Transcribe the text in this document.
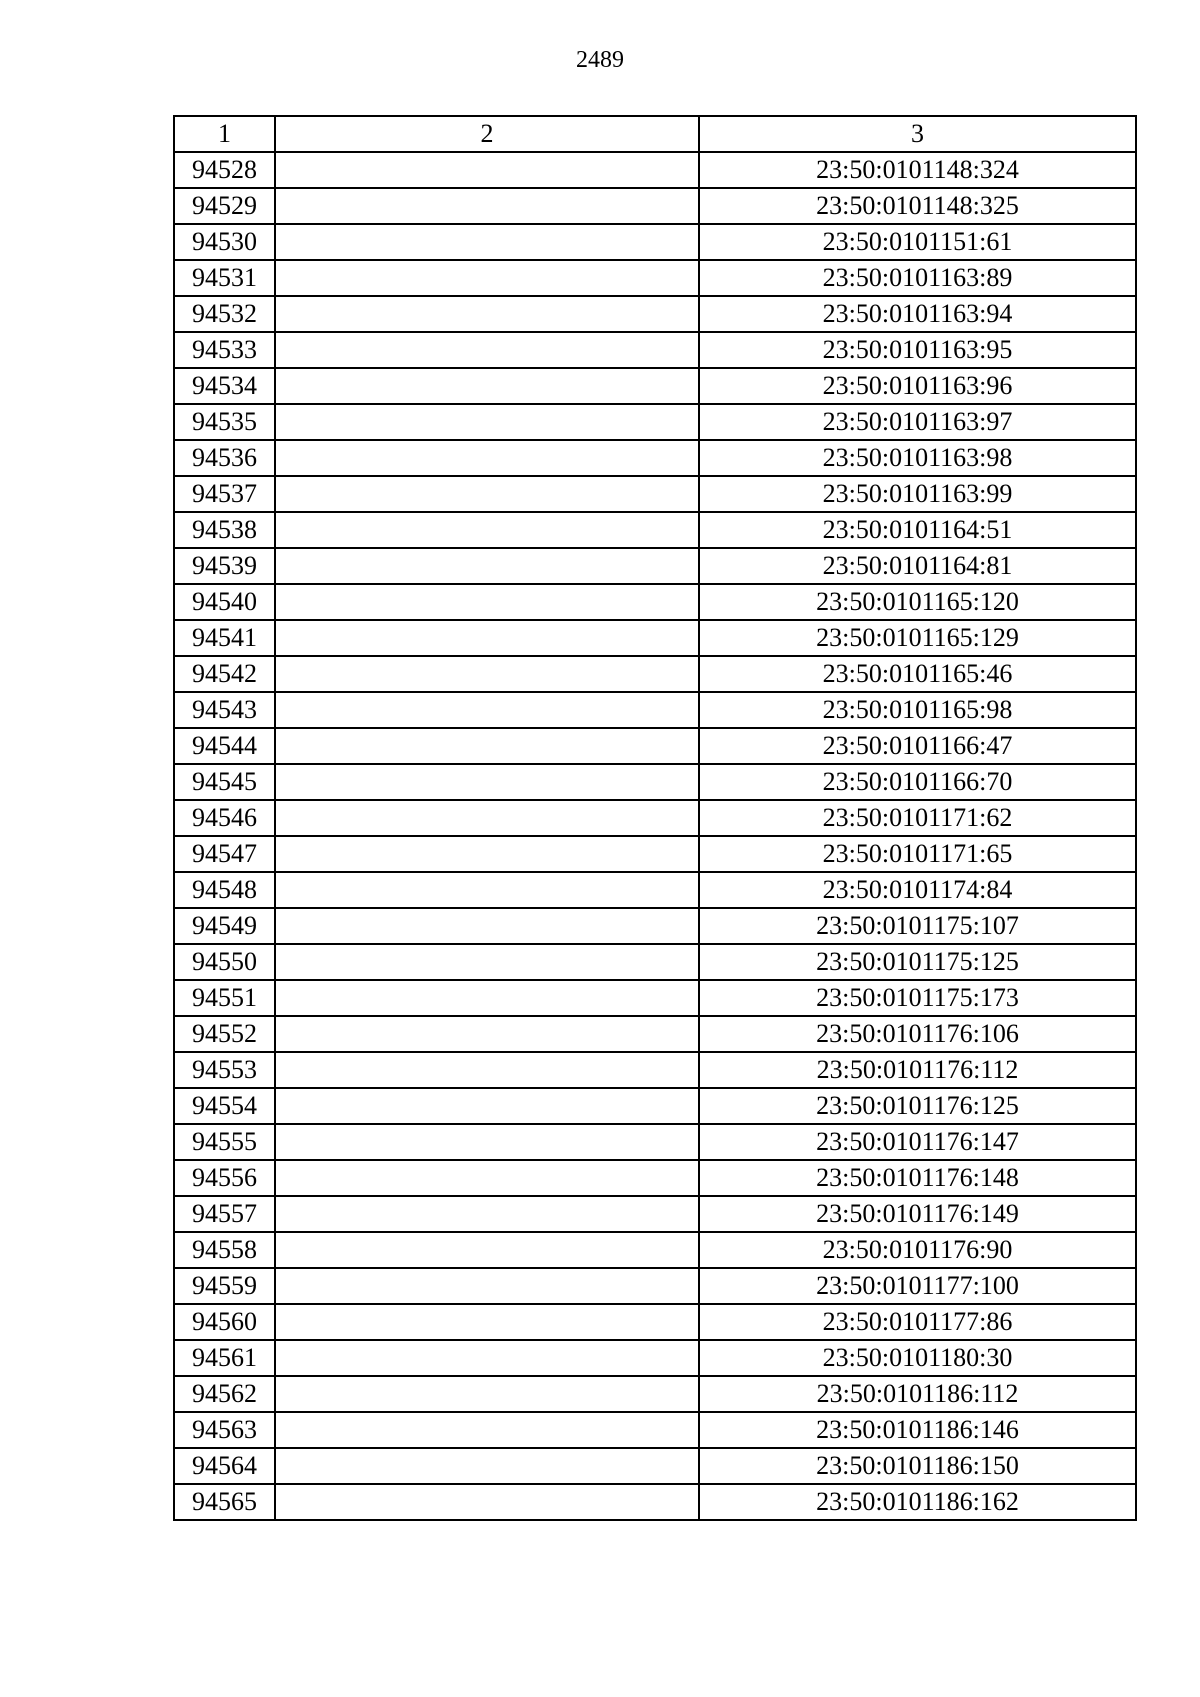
2489
1	2	3
94528		23:50:0101148:324
94529		23:50:0101148:325
94530		23:50:0101151:61
94531		23:50:0101163:89
94532		23:50:0101163:94
94533		23:50:0101163:95
94534		23:50:0101163:96
94535		23:50:0101163:97
94536		23:50:0101163:98
94537		23:50:0101163:99
94538		23:50:0101164:51
94539		23:50:0101164:81
94540		23:50:0101165:120
94541		23:50:0101165:129
94542		23:50:0101165:46
94543		23:50:0101165:98
94544		23:50:0101166:47
94545		23:50:0101166:70
94546		23:50:0101171:62
94547		23:50:0101171:65
94548		23:50:0101174:84
94549		23:50:0101175:107
94550		23:50:0101175:125
94551		23:50:0101175:173
94552		23:50:0101176:106
94553		23:50:0101176:112
94554		23:50:0101176:125
94555		23:50:0101176:147
94556		23:50:0101176:148
94557		23:50:0101176:149
94558		23:50:0101176:90
94559		23:50:0101177:100
94560		23:50:0101177:86
94561		23:50:0101180:30
94562		23:50:0101186:112
94563		23:50:0101186:146
94564		23:50:0101186:150
94565		23:50:0101186:162
